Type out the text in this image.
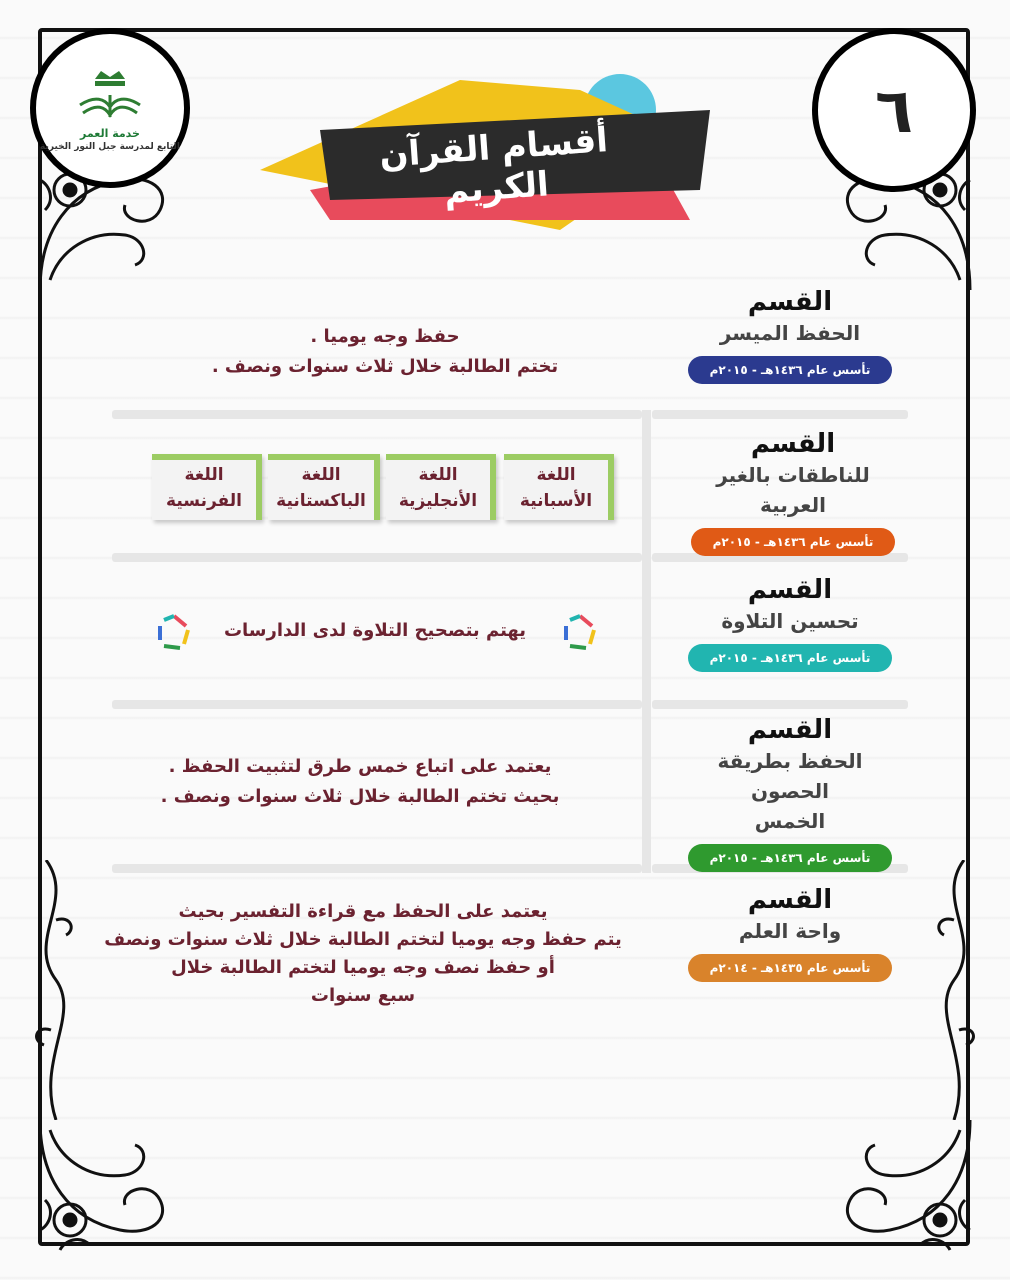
خدمة العمر
التابع لمدرسة جبل النور الخيرية	٦
أقسام القرآن الكريم
القسم
الحفظ الميسر
تأسس عام ١٤٣٦هـ - ٢٠١٥م
حفظ وجه يوميا .
تختم الطالبة خلال ثلاث سنوات ونصف .
القسم
للناطقات بالغير العربية
تأسس عام ١٤٣٦هـ - ٢٠١٥م
اللغة
الأسبانية
اللغة
الأنجليزية
اللغة
الباكستانية
اللغة
الفرنسية
القسم
تحسين التلاوة
تأسس عام ١٤٣٦هـ - ٢٠١٥م
يهتم بتصحيح التلاوة لدى الدارسات
القسم
الحفظ بطريقة الحصون
الخمس
تأسس عام ١٤٣٦هـ - ٢٠١٥م
يعتمد على اتباع خمس طرق لتثبيت الحفظ .
بحيث تختم الطالبة خلال ثلاث سنوات ونصف .
القسم
واحة العلم
تأسس عام ١٤٣٥هـ - ٢٠١٤م
يعتمد على الحفظ مع قراءة التفسير بحيث
يتم حفظ وجه يوميا لتختم الطالبة خلال ثلاث سنوات ونصف
أو حفظ نصف وجه يوميا لتختم الطالبة خلال
سبع سنوات
